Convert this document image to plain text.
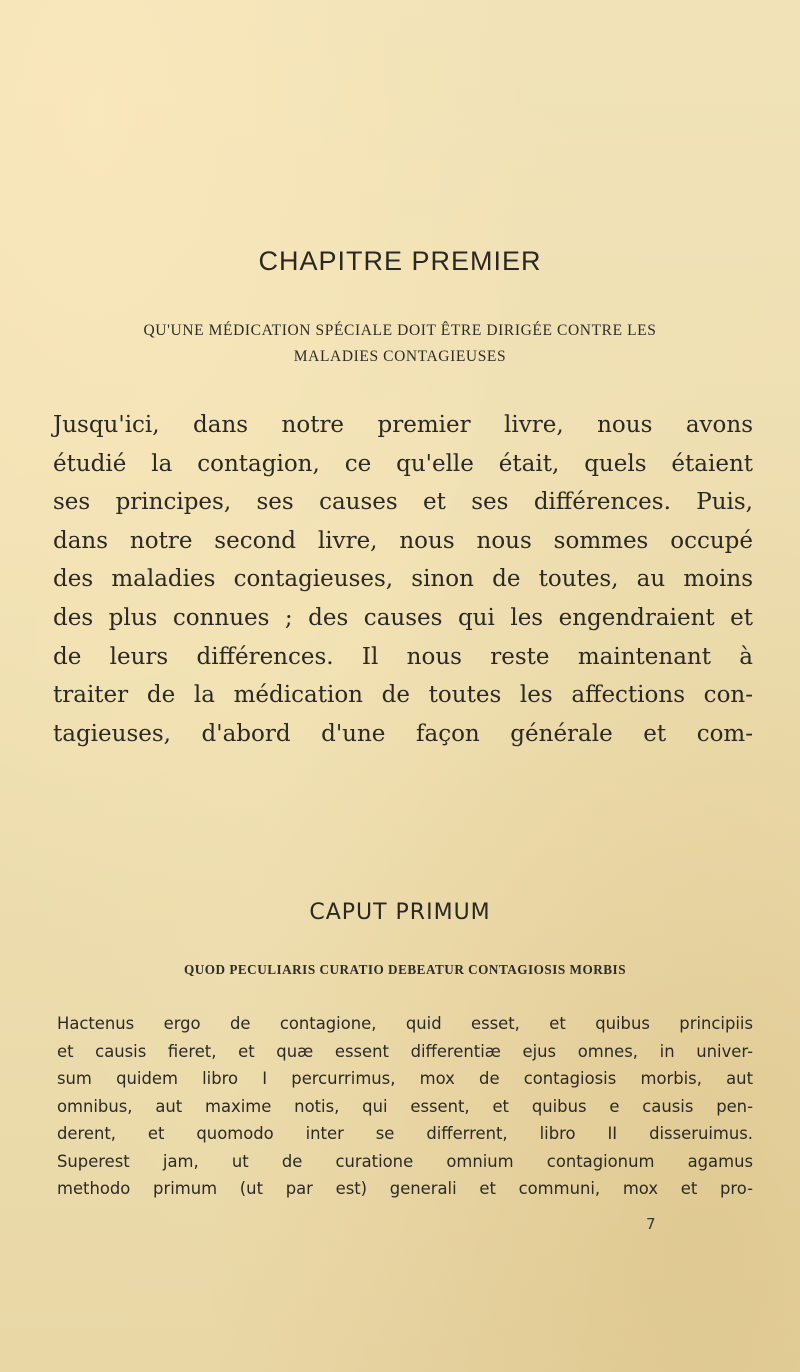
CHAPITRE PREMIER
QU'UNE MÉDICATION SPÉCIALE DOIT ÊTRE DIRIGÉE CONTRE LES
MALADIES CONTAGIEUSES
Jusqu'ici, dans notre premier livre, nous avons
étudié la contagion, ce qu'elle était, quels étaient
ses principes, ses causes et ses différences. Puis,
dans notre second livre, nous nous sommes occupé
des maladies contagieuses, sinon de toutes, au moins
des plus connues ; des causes qui les engendraient et
de leurs différences. Il nous reste maintenant à
traiter de la médication de toutes les affections con-
tagieuses, d'abord d'une façon générale et com-
CAPUT PRIMUM
QUOD PECULIARIS CURATIO DEBEATUR CONTAGIOSIS MORBIS
Hactenus ergo de contagione, quid esset, et quibus principiis
et causis fieret, et quæ essent differentiæ ejus omnes, in univer-
sum quidem libro I percurrimus, mox de contagiosis morbis, aut
omnibus, aut maxime notis, qui essent, et quibus e causis pen-
derent, et quomodo inter se differrent, libro II disseruimus.
Superest jam, ut de curatione omnium contagionum agamus
methodo primum (ut par est) generali et communi, mox et pro-
7
